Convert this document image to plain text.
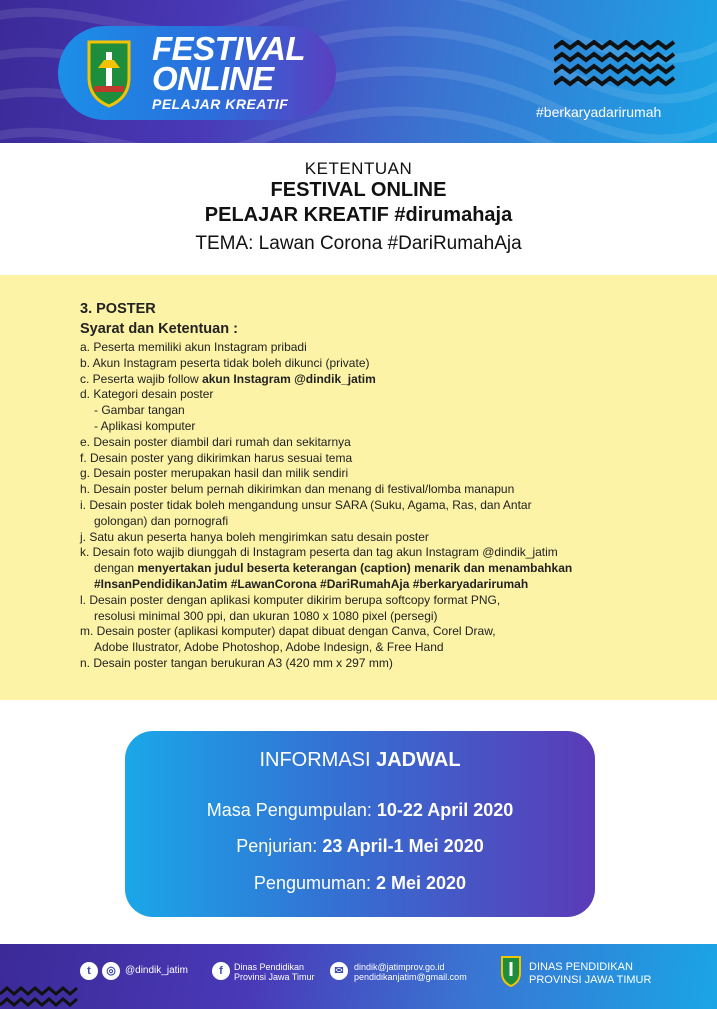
FESTIVAL
ONLINE
PELAJAR KREATIF	#berkaryadarirumah
KETENTUAN
FESTIVAL ONLINE
PELAJAR KREATIF #dirumahaja
TEMA: Lawan Corona #DariRumahAja
3. POSTER
Syarat dan Ketentuan :
a. Peserta memiliki akun Instagram pribadi
b. Akun Instagram peserta tidak boleh dikunci (private)
c. Peserta wajib follow akun Instagram @dindik_jatim
d. Kategori desain poster
- Gambar tangan
- Aplikasi komputer
e. Desain poster diambil dari rumah dan sekitarnya
f. Desain poster yang dikirimkan harus sesuai tema
g. Desain poster merupakan hasil dan milik sendiri
h. Desain poster belum pernah dikirimkan dan menang di festival/lomba manapun
i. Desain poster tidak boleh mengandung unsur SARA (Suku, Agama, Ras, dan Antar
golongan) dan pornografi
j. Satu akun peserta hanya boleh mengirimkan satu desain poster
k. Desain foto wajib diunggah di Instagram peserta dan tag akun Instagram @dindik_jatim
dengan menyertakan judul beserta keterangan (caption) menarik dan menambahkan
#InsanPendidikanJatim #LawanCorona #DariRumahAja #berkaryadarirumah
l. Desain poster dengan aplikasi komputer dikirim berupa softcopy format PNG,
resolusi minimal 300 ppi, dan ukuran 1080 x 1080 pixel (persegi)
m. Desain poster (aplikasi komputer) dapat dibuat dengan Canva, Corel Draw,
Adobe Ilustrator, Adobe Photoshop, Adobe Indesign, & Free Hand
n. Desain poster tangan berukuran A3 (420 mm x 297 mm)
INFORMASI JADWAL
Masa Pengumpulan: 10-22 April 2020
Penjurian: 23 April-1 Mei 2020
Pengumuman: 2 Mei 2020
t	◎ @dindik_jatim	f	Dinas Pendidikan
Provinsi Jawa Timur	✉	dindik@jatimprov.go.id
pendidikanjatim@gmail.com
DINAS PENDIDIKAN
PROVINSI JAWA TIMUR
